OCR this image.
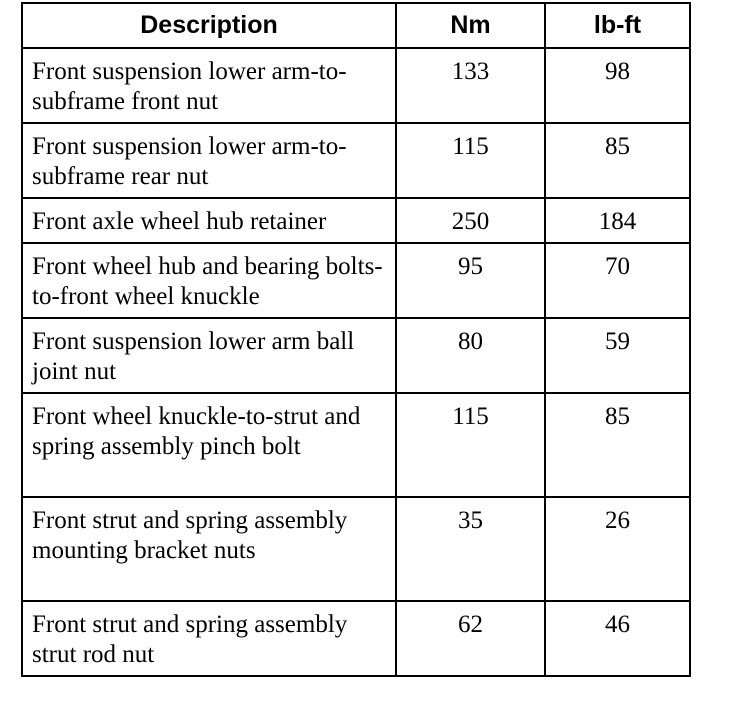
Description	Nm	lb-ft
Front suspension lower arm-to-subframe front nut	133	98
Front suspension lower arm-to-subframe rear nut	115	85
Front axle wheel hub retainer	250	184
Front wheel hub and bearing bolts-to-front wheel knuckle	95	70
Front suspension lower arm ball joint nut	80	59
Front wheel knuckle-to-strut and spring assembly pinch bolt	115	85
Front strut and spring assembly mounting bracket nuts	35	26
Front strut and spring assembly strut rod nut	62	46
